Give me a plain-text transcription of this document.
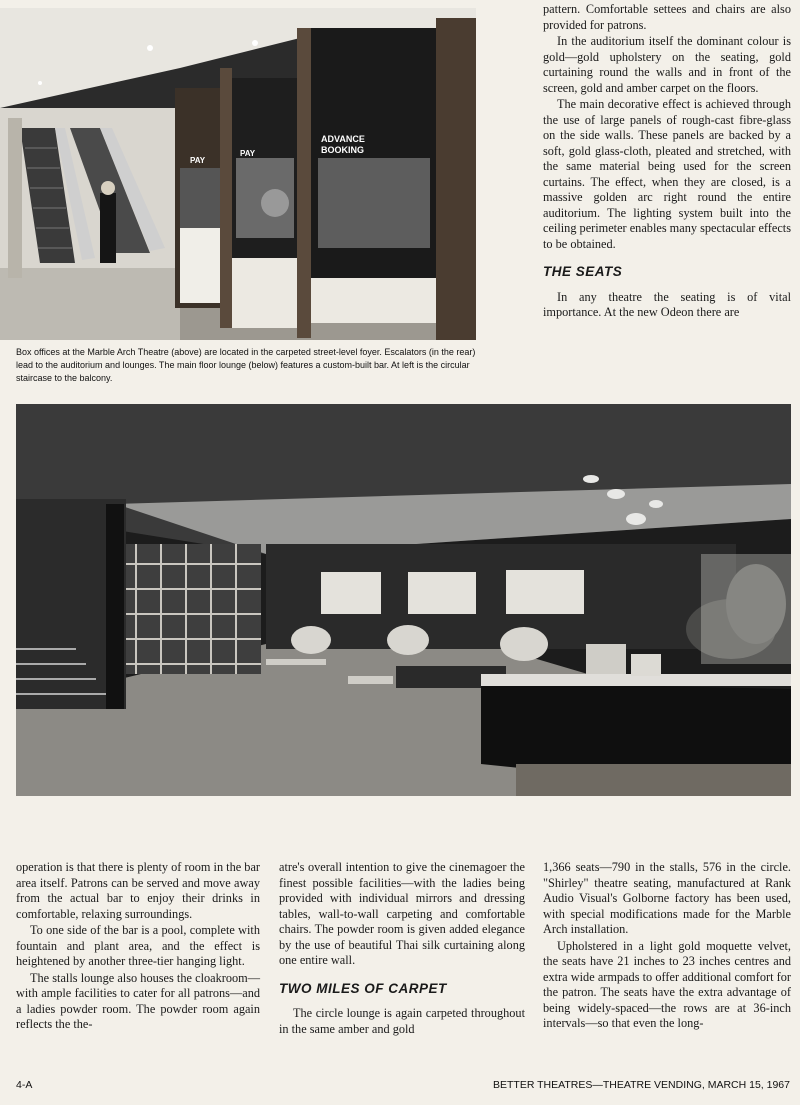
PAY
PAY
ADVANCE
BOOKING
Box offices at the Marble Arch Theatre (above) are located in the carpeted street-level foyer. Escalators (in the rear) lead to the auditorium and lounges. The main floor lounge (below) features a custom-built bar. At left is the circular staircase to the balcony.

pattern. Comfortable settees and chairs are also provided for patrons.

In the auditorium itself the dominant colour is gold—gold upholstery on the seating, gold curtaining round the walls and in front of the screen, gold and amber carpet on the floors.

The main decorative effect is achieved through the use of large panels of rough-cast fibre-glass on the side walls. These panels are backed by a soft, gold glass-cloth, pleated and stretched, with the same material being used for the screen curtains. The effect, when they are closed, is a massive golden arc right round the entire auditorium. The lighting system built into the ceiling perimeter enables many spectacular effects to be obtained.

THE SEATS

In any theatre the seating is of vital importance. At the new Odeon there are

operation is that there is plenty of room in the bar area itself. Patrons can be served and move away from the actual bar to enjoy their drinks in comfortable, relaxing surroundings.

To one side of the bar is a pool, complete with fountain and plant area, and the effect is heightened by another three-tier hanging light.

The stalls lounge also houses the cloakroom—with ample facilities to cater for all patrons—and a ladies powder room. The powder room again reflects the the-

atre's overall intention to give the cinemagoer the finest possible facilities—with the ladies being provided with individual mirrors and dressing tables, wall-to-wall carpeting and comfortable chairs. The powder room is given added elegance by the use of beautiful Thai silk curtaining along one entire wall.

TWO MILES OF CARPET

The circle lounge is again carpeted throughout in the same amber and gold

1,366 seats—790 in the stalls, 576 in the circle. "Shirley" theatre seating, manufactured at Rank Audio Visual's Golborne factory has been used, with special modifications made for the Marble Arch installation.

Upholstered in a light gold moquette velvet, the seats have 21 inches to 23 inches centres and extra wide armpads to offer additional comfort for the patron. The seats have the extra advantage of being widely-spaced—the rows are at 36-inch intervals—so that even the long-

4-A	BETTER THEATRES—THEATRE VENDING, MARCH 15, 1967
